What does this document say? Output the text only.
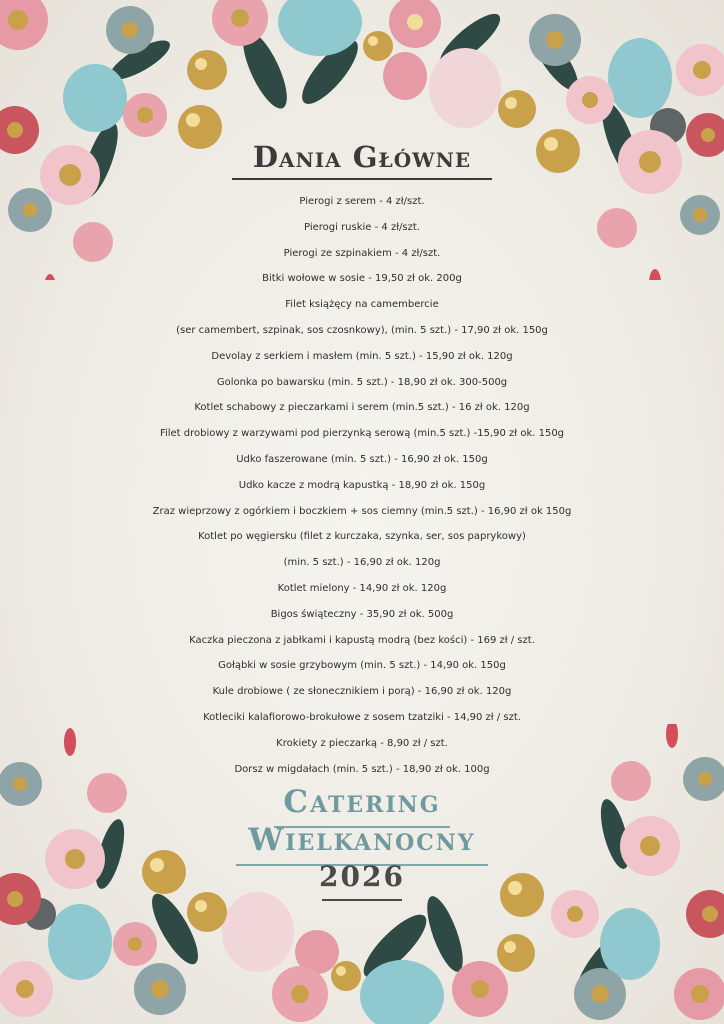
Dania Główne
Pierogi z serem - 4 zł/szt.
Pierogi ruskie - 4 zł/szt.
Pierogi ze szpinakiem - 4 zł/szt.
Bitki wołowe w sosie - 19,50 zł ok. 200g
Filet książęcy na camembercie
(ser camembert, szpinak, sos czosnkowy), (min. 5 szt.) - 17,90 zł ok. 150g
Devolay z serkiem i masłem (min. 5 szt.) - 15,90 zł ok. 120g
Golonka po bawarsku (min. 5 szt.) - 18,90 zł ok. 300-500g
Kotlet schabowy z pieczarkami i serem (min.5 szt.) - 16 zł ok. 120g
Filet drobiowy z warzywami pod pierzynką serową (min.5 szt.) -15,90 zł ok. 150g
Udko faszerowane (min. 5 szt.) - 16,90 zł ok. 150g
Udko kacze z modrą kapustką - 18,90 zł ok. 150g
Zraz wieprzowy z ogórkiem i boczkiem + sos ciemny (min.5 szt.) - 16,90 zł ok 150g
Kotlet po węgiersku (filet z kurczaka, szynka, ser, sos paprykowy)
(min. 5 szt.) - 16,90 zł ok. 120g
Kotlet mielony - 14,90 zł ok. 120g
Bigos świąteczny - 35,90 zł ok. 500g
Kaczka pieczona z jabłkami i kapustą modrą (bez kości) - 169 zł / szt.
Gołąbki w sosie grzybowym (min. 5 szt.) - 14,90 ok. 150g
Kule drobiowe ( ze słonecznikiem i porą) - 16,90 zł ok. 120g
Kotleciki kalafiorowo-brokułowe z sosem tzatziki - 14,90 zł / szt.
Krokiety z pieczarką - 8,90 zł / szt.
Dorsz w migdałach (min. 5 szt.) - 18,90 zł ok. 100g
Catering
Wielkanocny
2026
